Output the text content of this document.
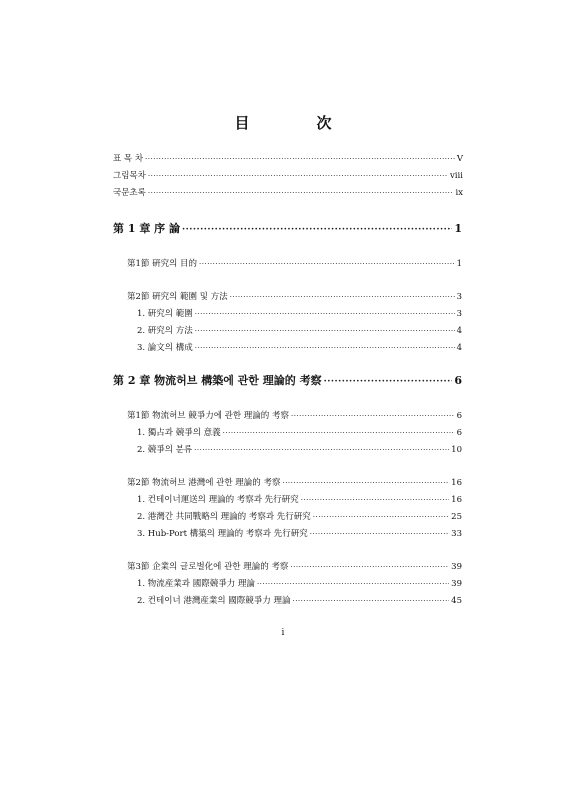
目　次
표 목 차 ·····	Ⅴ
그림목차 ·····	ⅷ
국문초록 ·····	ⅸ
第 1 章 序 論 ·····	1
第1節 硏究의 目的 ·····	1
第2節 硏究의 範圍 및 方法 ·····	3
1. 硏究의 範圍 ·····	3
2. 硏究의 方法 ·····	4
3. 論文의 構成 ·····	4
第 2 章 物流허브 構築에 관한 理論的 考察 ·····	6
第1節 物流허브 競爭力에 관한 理論的 考察 ·····	6
1. 獨占과 競爭의 意義 ·····	6
2. 競爭의 분류 ·····	10
第2節 物流허브 港灣에 관한 理論的 考察 ·····	16
1. 컨테이너運送의 理論的 考察과 先行硏究 ·····	16
2. 港灣간 共同戰略의 理論的 考察과 先行硏究 ·····	25
3. Hub-Port 構築의 理論的 考察과 先行硏究 ·····	33
第3節 企業의 글로벌化에 관한 理論的 考察 ·····	39
1. 物流産業과 國際競爭力 理論 ·····	39
2. 컨테이너 港灣産業의 國際競爭力 理論 ·····	45
i
